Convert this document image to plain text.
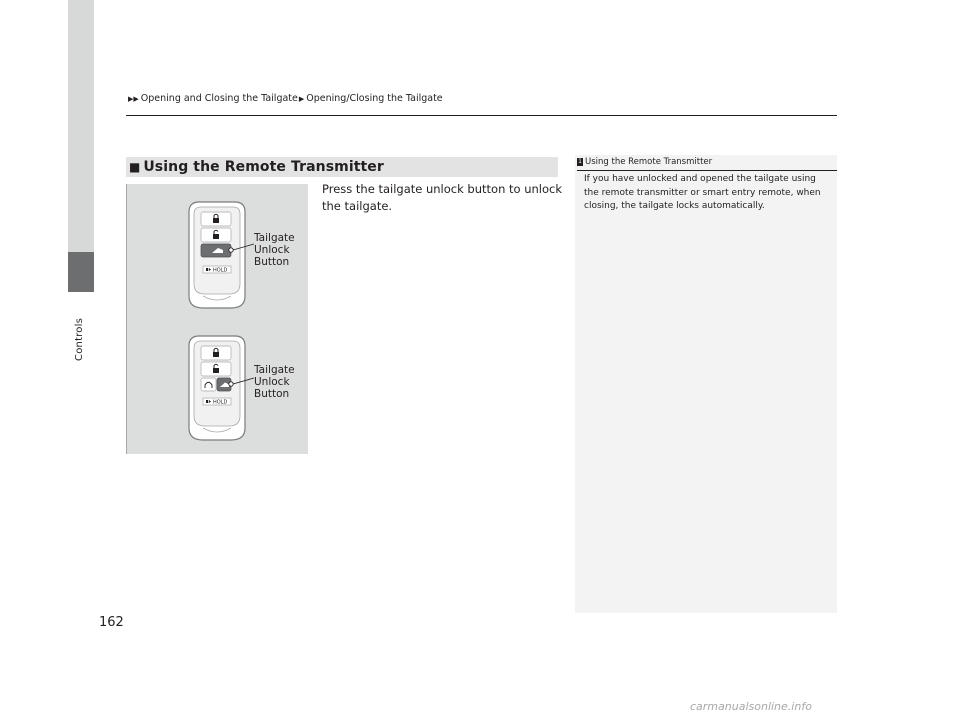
Controls
▶▶ Opening and Closing the Tailgate ▶ Opening/Closing the Tailgate
■ Using the Remote Transmitter
HOLD
Tailgate
Unlock
Button
HOLD
Tailgate
Unlock
Button
Press the tailgate unlock button to unlock the tailgate.
1 Using the Remote Transmitter
If you have unlocked and opened the tailgate using the remote transmitter or smart entry remote, when closing, the tailgate locks automatically.
162
carmanualsonline.info
